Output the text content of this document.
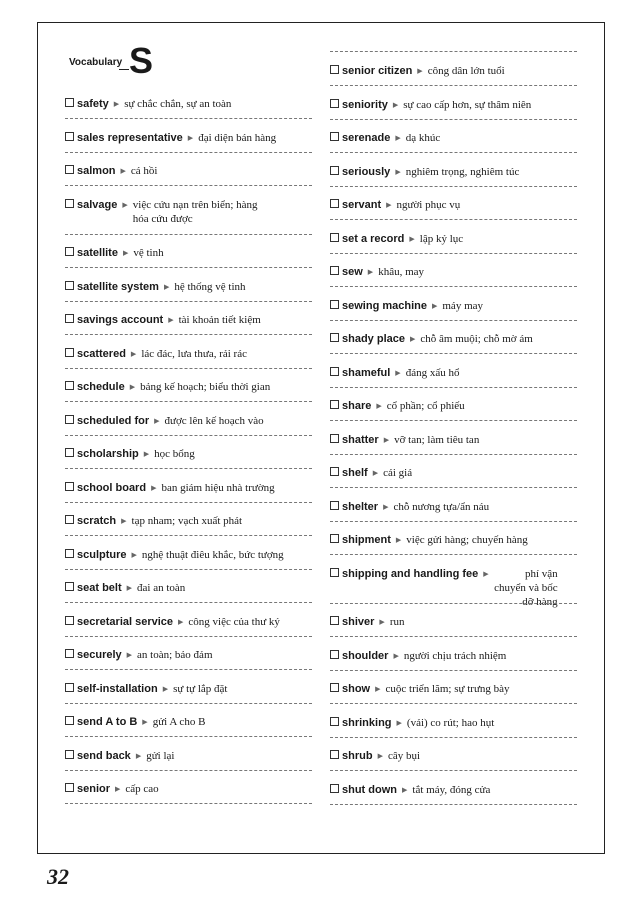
Vocabulary S
safety ▶ sự chắc chắn, sự an toàn
sales representative ▶ đại diện bán hàng
salmon ▶ cá hồi
salvage ▶ việc cứu nạn trên biển; hàng hóa cứu được
satellite ▶ vệ tinh
satellite system ▶ hệ thống vệ tinh
savings account ▶ tài khoản tiết kiệm
scattered ▶ lác đác, lưa thưa, rải rác
schedule ▶ bảng kế hoạch; biểu thời gian
scheduled for ▶ được lên kế hoạch vào
scholarship ▶ học bổng
school board ▶ ban giám hiệu nhà trường
scratch ▶ tạp nham; vạch xuất phát
sculpture ▶ nghệ thuật điêu khắc, bức tượng
seat belt ▶ đai an toàn
secretarial service ▶ công việc của thư ký
securely ▶ an toàn; bảo đảm
self-installation ▶ sự tự lắp đặt
send A to B ▶ gửi A cho B
send back ▶ gửi lại
senior ▶ cấp cao
senior citizen ▶ công dân lớn tuổi
seniority ▶ sự cao cấp hơn, sự thâm niên
serenade ▶ dạ khúc
seriously ▶ nghiêm trọng, nghiêm túc
servant ▶ người phục vụ
set a record ▶ lập kỷ lục
sew ▶ khâu, may
sewing machine ▶ máy may
shady place ▶ chỗ âm muội; chỗ mờ ám
shameful ▶ đáng xấu hổ
share ▶ cổ phần; cổ phiếu
shatter ▶ vỡ tan; làm tiêu tan
shelf ▶ cái giá
shelter ▶ chỗ nương tựa/ẩn náu
shipment ▶ việc gửi hàng; chuyến hàng
shipping and handling fee ▶	phí vận chuyển và bốc dỡ hàng
shiver ▶ run
shoulder ▶ người chịu trách nhiệm
show ▶ cuộc triển lãm; sự trưng bày
shrinking ▶ (vải) co rút; hao hụt
shrub ▶ cây bụi
shut down ▶ tắt máy, đóng cửa
32
